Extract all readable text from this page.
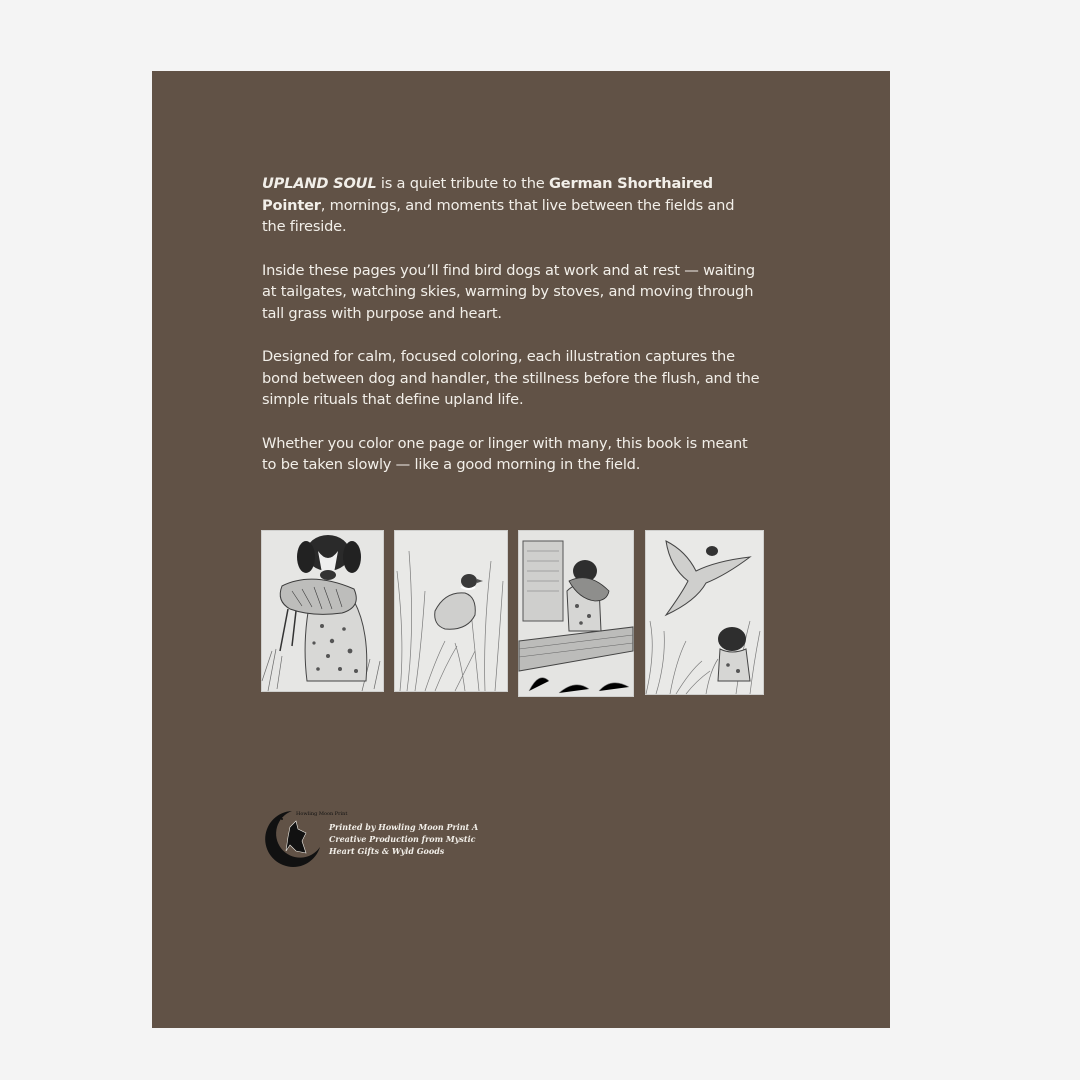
UPLAND SOUL is a quiet tribute to the German Shorthaired Pointer, mornings, and moments that live between the fields and the fireside.

Inside these pages you’ll find bird dogs at work and at rest — waiting at tailgates, watching skies, warming by stoves, and moving through tall grass with purpose and heart.

Designed for calm, focused coloring, each illustration captures the bond between dog and handler, the stillness before the flush, and the simple rituals that define upland life.

Whether you color one page or linger with many, this book is meant to be taken slowly — like a good morning in the field.

Howling Moon Print
Printed by Howling Moon Print A Creative Production from Mystic Heart Gifts & Wyld Goods
